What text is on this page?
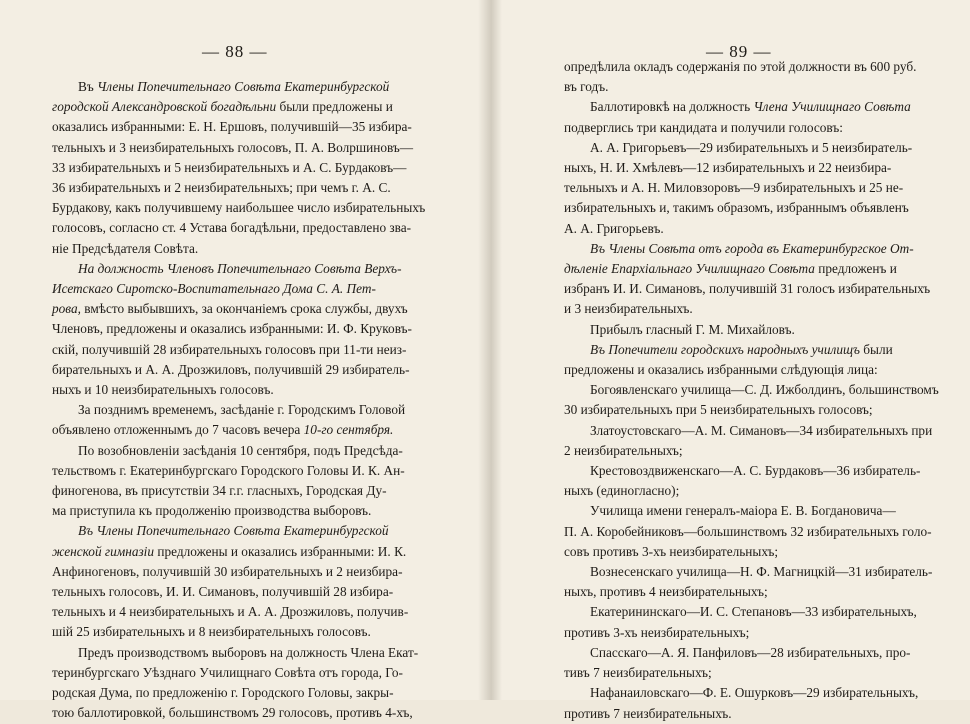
— 88 —
Въ Члены Попечительнаго Совѣта Екатеринбургской
городской Александровской богадѣльни были предложены и
оказались избранными: Е. Н. Ершовъ, получившій—35 избира-
тельныхъ и 3 неизбирательныхъ голосовъ, П. А. Волршиновъ—
33 избирательныхъ и 5 неизбирательныхъ и А. С. Бурдаковъ—
36 избирательныхъ и 2 неизбирательныхъ; при чемъ г. А. С.
Бурдакову, какъ получившему наибольшее число избирательныхъ
голосовъ, согласно ст. 4 Устава богадѣльни, предоставлено зва-
ніе Предсѣдателя Совѣта.
На должность Членовъ Попечительнаго Совѣта Верхъ-
Исетскаго Сиротско-Воспитательнаго Дома С. А. Пет-
рова, вмѣсто выбывшихъ, за окончаніемъ срока службы, двухъ
Членовъ, предложены и оказались избранными: И. Ф. Круковъ-
скій, получившій 28 избирательныхъ голосовъ при 11-ти неиз-
бирательныхъ и А. А. Дрозжиловъ, получившій 29 избиратель-
ныхъ и 10 неизбирательныхъ голосовъ.
За позднимъ временемъ, засѣданіе г. Городскимъ Головой
объявлено отложеннымъ до 7 часовъ вечера 10-го сентября.
По возобновленіи засѣданія 10 сентября, подъ Предсѣда-
тельствомъ г. Екатеринбургскаго Городского Головы И. К. Ан-
финогенова, въ присутствіи 34 г.г. гласныхъ, Городская Ду-
ма приступила къ продолженію производства выборовъ.
Въ Члены Попечительнаго Совѣта Екатеринбургской
женской гимназіи предложены и оказались избранными: И. К.
Анфиногеновъ, получившій 30 избирательныхъ и 2 неизбира-
тельныхъ голосовъ, И. И. Симановъ, получившій 28 избира-
тельныхъ и 4 неизбирательныхъ и А. А. Дрозжиловъ, получив-
шій 25 избирательныхъ и 8 неизбирательныхъ голосовъ.
Предъ производствомъ выборовъ на должность Члена Екат-
теринбургскаго Уѣзднаго Училищнаго Совѣта отъ города, Го-
родская Дума, по предложенію г. Городского Головы, закры-
тою баллотировкой, большинствомъ 29 голосовъ, противъ 4-хъ,
— 89 —
опредѣлила окладъ содержанія по этой должности въ 600 руб.
въ годъ.
Баллотировкѣ на должность Члена Училищнаго Совѣта
подверглись три кандидата и получили голосовъ:
А. А. Григорьевъ—29 избирательныхъ и 5 неизбиратель-
ныхъ, Н. И. Хмѣлевъ—12 избирательныхъ и 22 неизбира-
тельныхъ и А. Н. Миловзоровъ—9 избирательныхъ и 25 не-
избирательныхъ и, такимъ образомъ, избраннымъ объявленъ
А. А. Григорьевъ.
Въ Члены Совѣта отъ города въ Екатеринбургское От-
дѣленіе Епархіальнаго Училищнаго Совѣта предложенъ и
избранъ И. И. Симановъ, получившій 31 голосъ избирательныхъ
и 3 неизбирательныхъ.
Прибылъ гласный Г. М. Михайловъ.
Въ Попечители городскихъ народныхъ училищъ были
предложены и оказались избранными слѣдующія лица:
Богоявленскаго училища—С. Д. Ижболдинъ, большинствомъ
30 избирательныхъ при 5 неизбирательныхъ голосовъ;
Златоустовскаго—А. М. Симановъ—34 избирательныхъ при
2 неизбирательныхъ;
Крестовоздвиженскаго—А. С. Бурдаковъ—36 избиратель-
ныхъ (единогласно);
Училища имени генералъ-маіора Е. В. Богдановича—
П. А. Коробейниковъ—большинствомъ 32 избирательныхъ голо-
совъ противъ 3-хъ неизбирательныхъ;
Вознесенскаго училища—Н. Ф. Магницкій—31 избиратель-
ныхъ, противъ 4 неизбирательныхъ;
Екатерининскаго—И. С. Степановъ—33 избирательныхъ,
противъ 3-хъ неизбирательныхъ;
Спасскаго—А. Я. Панфиловъ—28 избирательныхъ, про-
тивъ 7 неизбирательныхъ;
Нафанаиловскаго—Ф. Е. Ошурковъ—29 избирательныхъ,
противъ 7 неизбирательныхъ.
